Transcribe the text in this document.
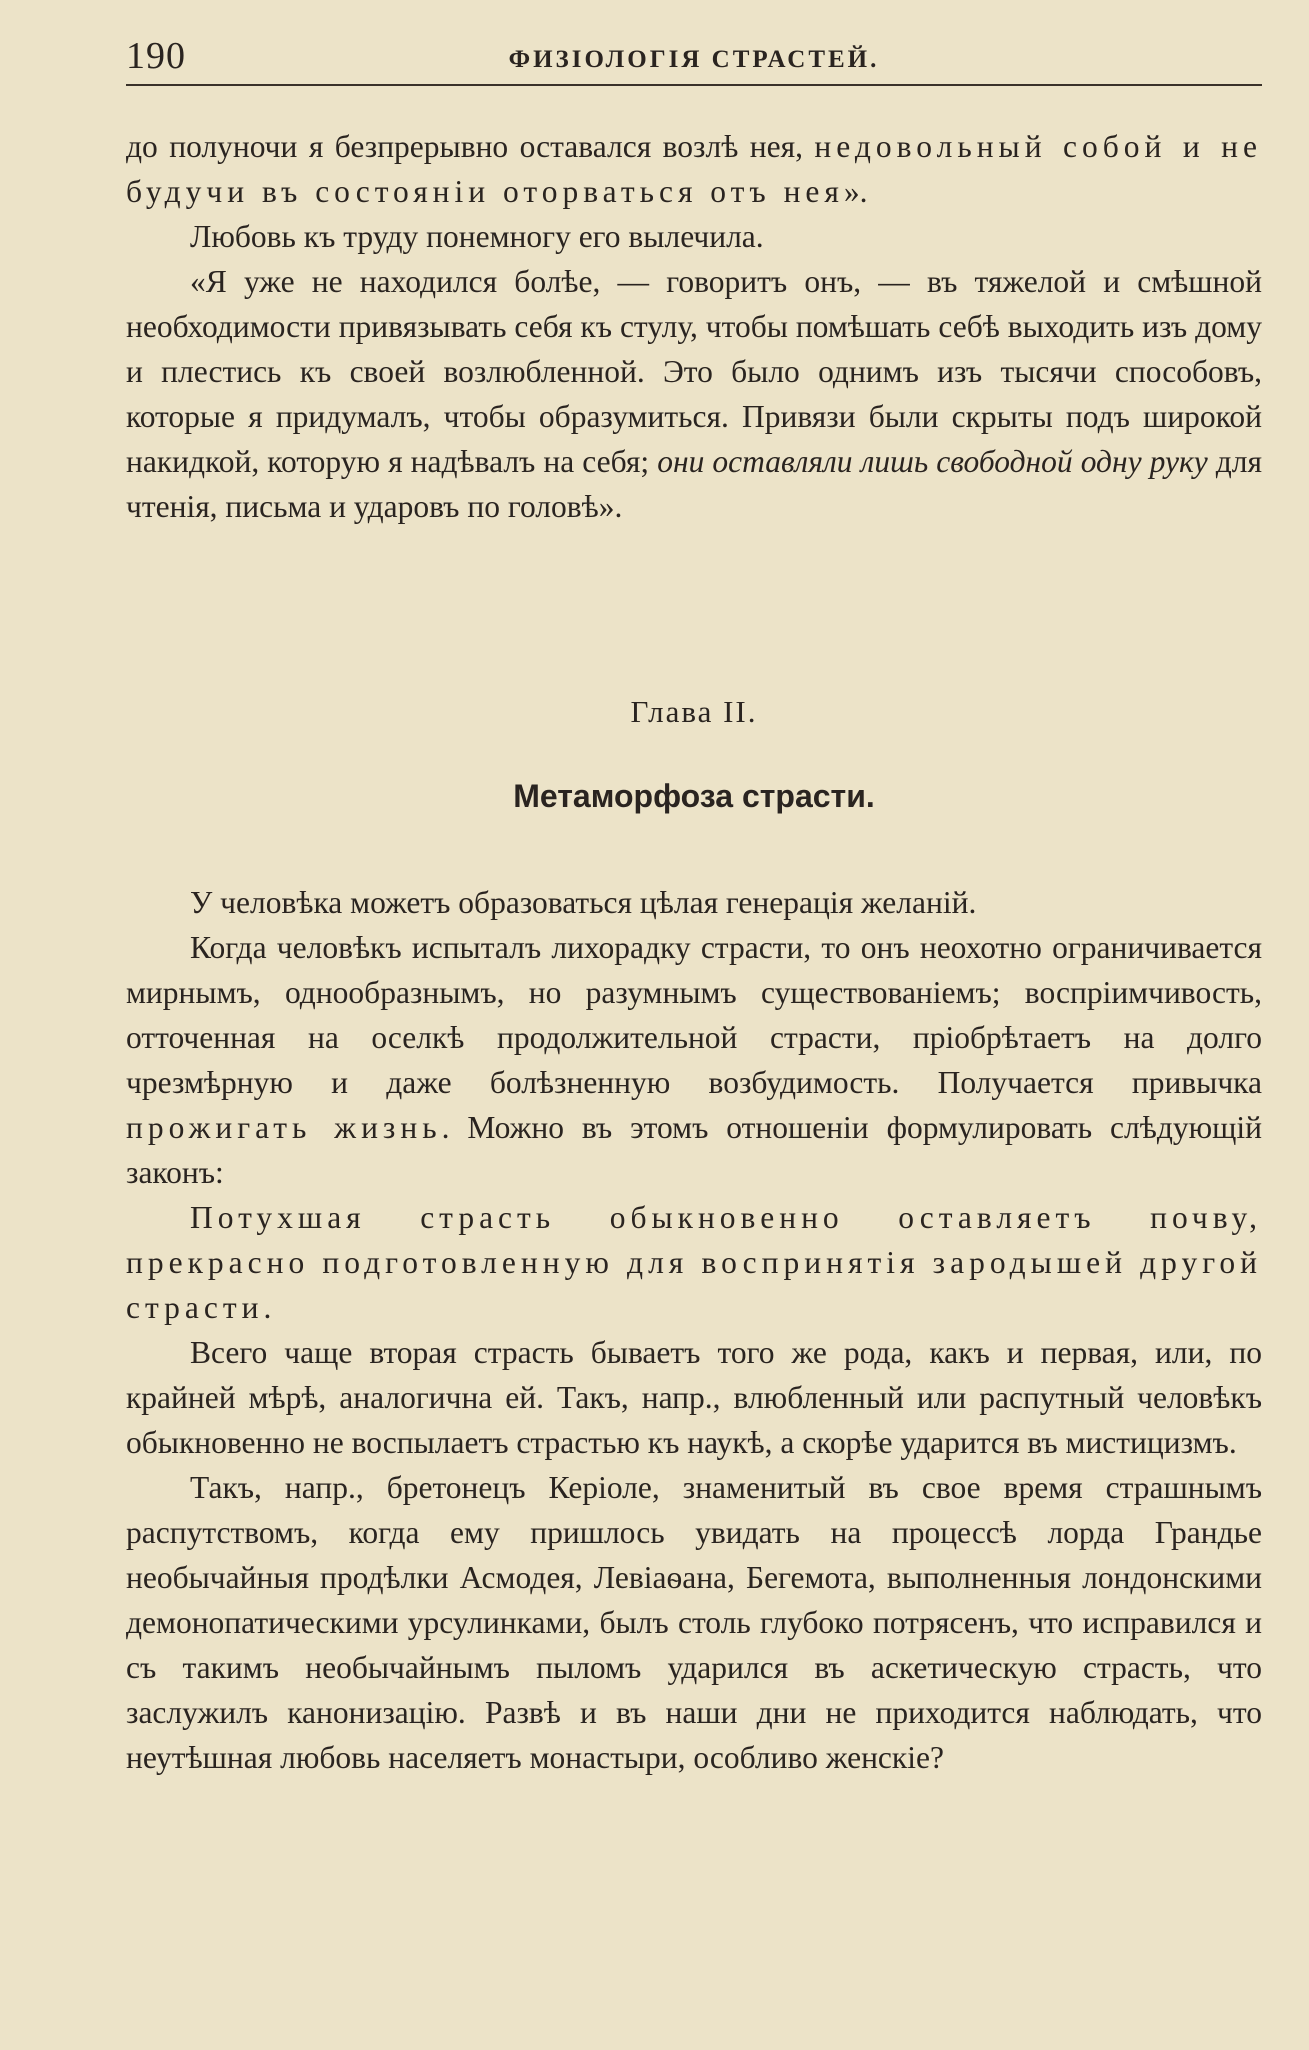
190	ФИЗІОЛОГІЯ СТРАСТЕЙ.

до полуночи я безпрерывно оставался возлѣ нея, недовольный собой и не будучи въ состояніи оторваться отъ нея».

Любовь къ труду понемногу его вылечила.

«Я уже не находился болѣе, — говоритъ онъ, — въ тяжелой и смѣшной необходимости привязывать себя къ стулу, чтобы помѣшать себѣ выходить изъ дому и плестись къ своей возлюбленной. Это было однимъ изъ тысячи способовъ, которые я придумалъ, чтобы образумиться. Привязи были скрыты подъ широкой накидкой, которую я надѣвалъ на себя; они оставляли лишь свободной одну руку для чтенія, письма и ударовъ по головѣ».

Глава II.
Метаморфоза страсти.

У человѣка можетъ образоваться цѣлая генерація желаній.

Когда человѣкъ испыталъ лихорадку страсти, то онъ неохотно ограничивается мирнымъ, однообразнымъ, но разумнымъ существованіемъ; воспріимчивость, отточенная на оселкѣ продолжительной страсти, пріобрѣтаетъ на долго чрезмѣрную и даже болѣзненную возбудимость. Получается привычка прожигать жизнь. Можно въ этомъ отношеніи формулировать слѣдующій законъ:

Потухшая страсть обыкновенно оставляетъ почву, прекрасно подготовленную для воспринятія зародышей другой страсти.

Всего чаще вторая страсть бываетъ того же рода, какъ и первая, или, по крайней мѣрѣ, аналогична ей. Такъ, напр., влюбленный или распутный человѣкъ обыкновенно не воспылаетъ страстью къ наукѣ, а скорѣе ударится въ мистицизмъ.

Такъ, напр., бретонецъ Керіоле, знаменитый въ свое время страшнымъ распутствомъ, когда ему пришлось увидать на процессѣ лорда Грандье необычайныя продѣлки Асмодея, Левіаѳана, Бегемота, выполненныя лондонскими демонопатическими урсулинками, былъ столь глубоко потрясенъ, что исправился и съ такимъ необычайнымъ пыломъ ударился въ аскетическую страсть, что заслужилъ канонизацію. Развѣ и въ наши дни не приходится наблюдать, что неутѣшная любовь населяетъ монастыри, особливо женскіе?
